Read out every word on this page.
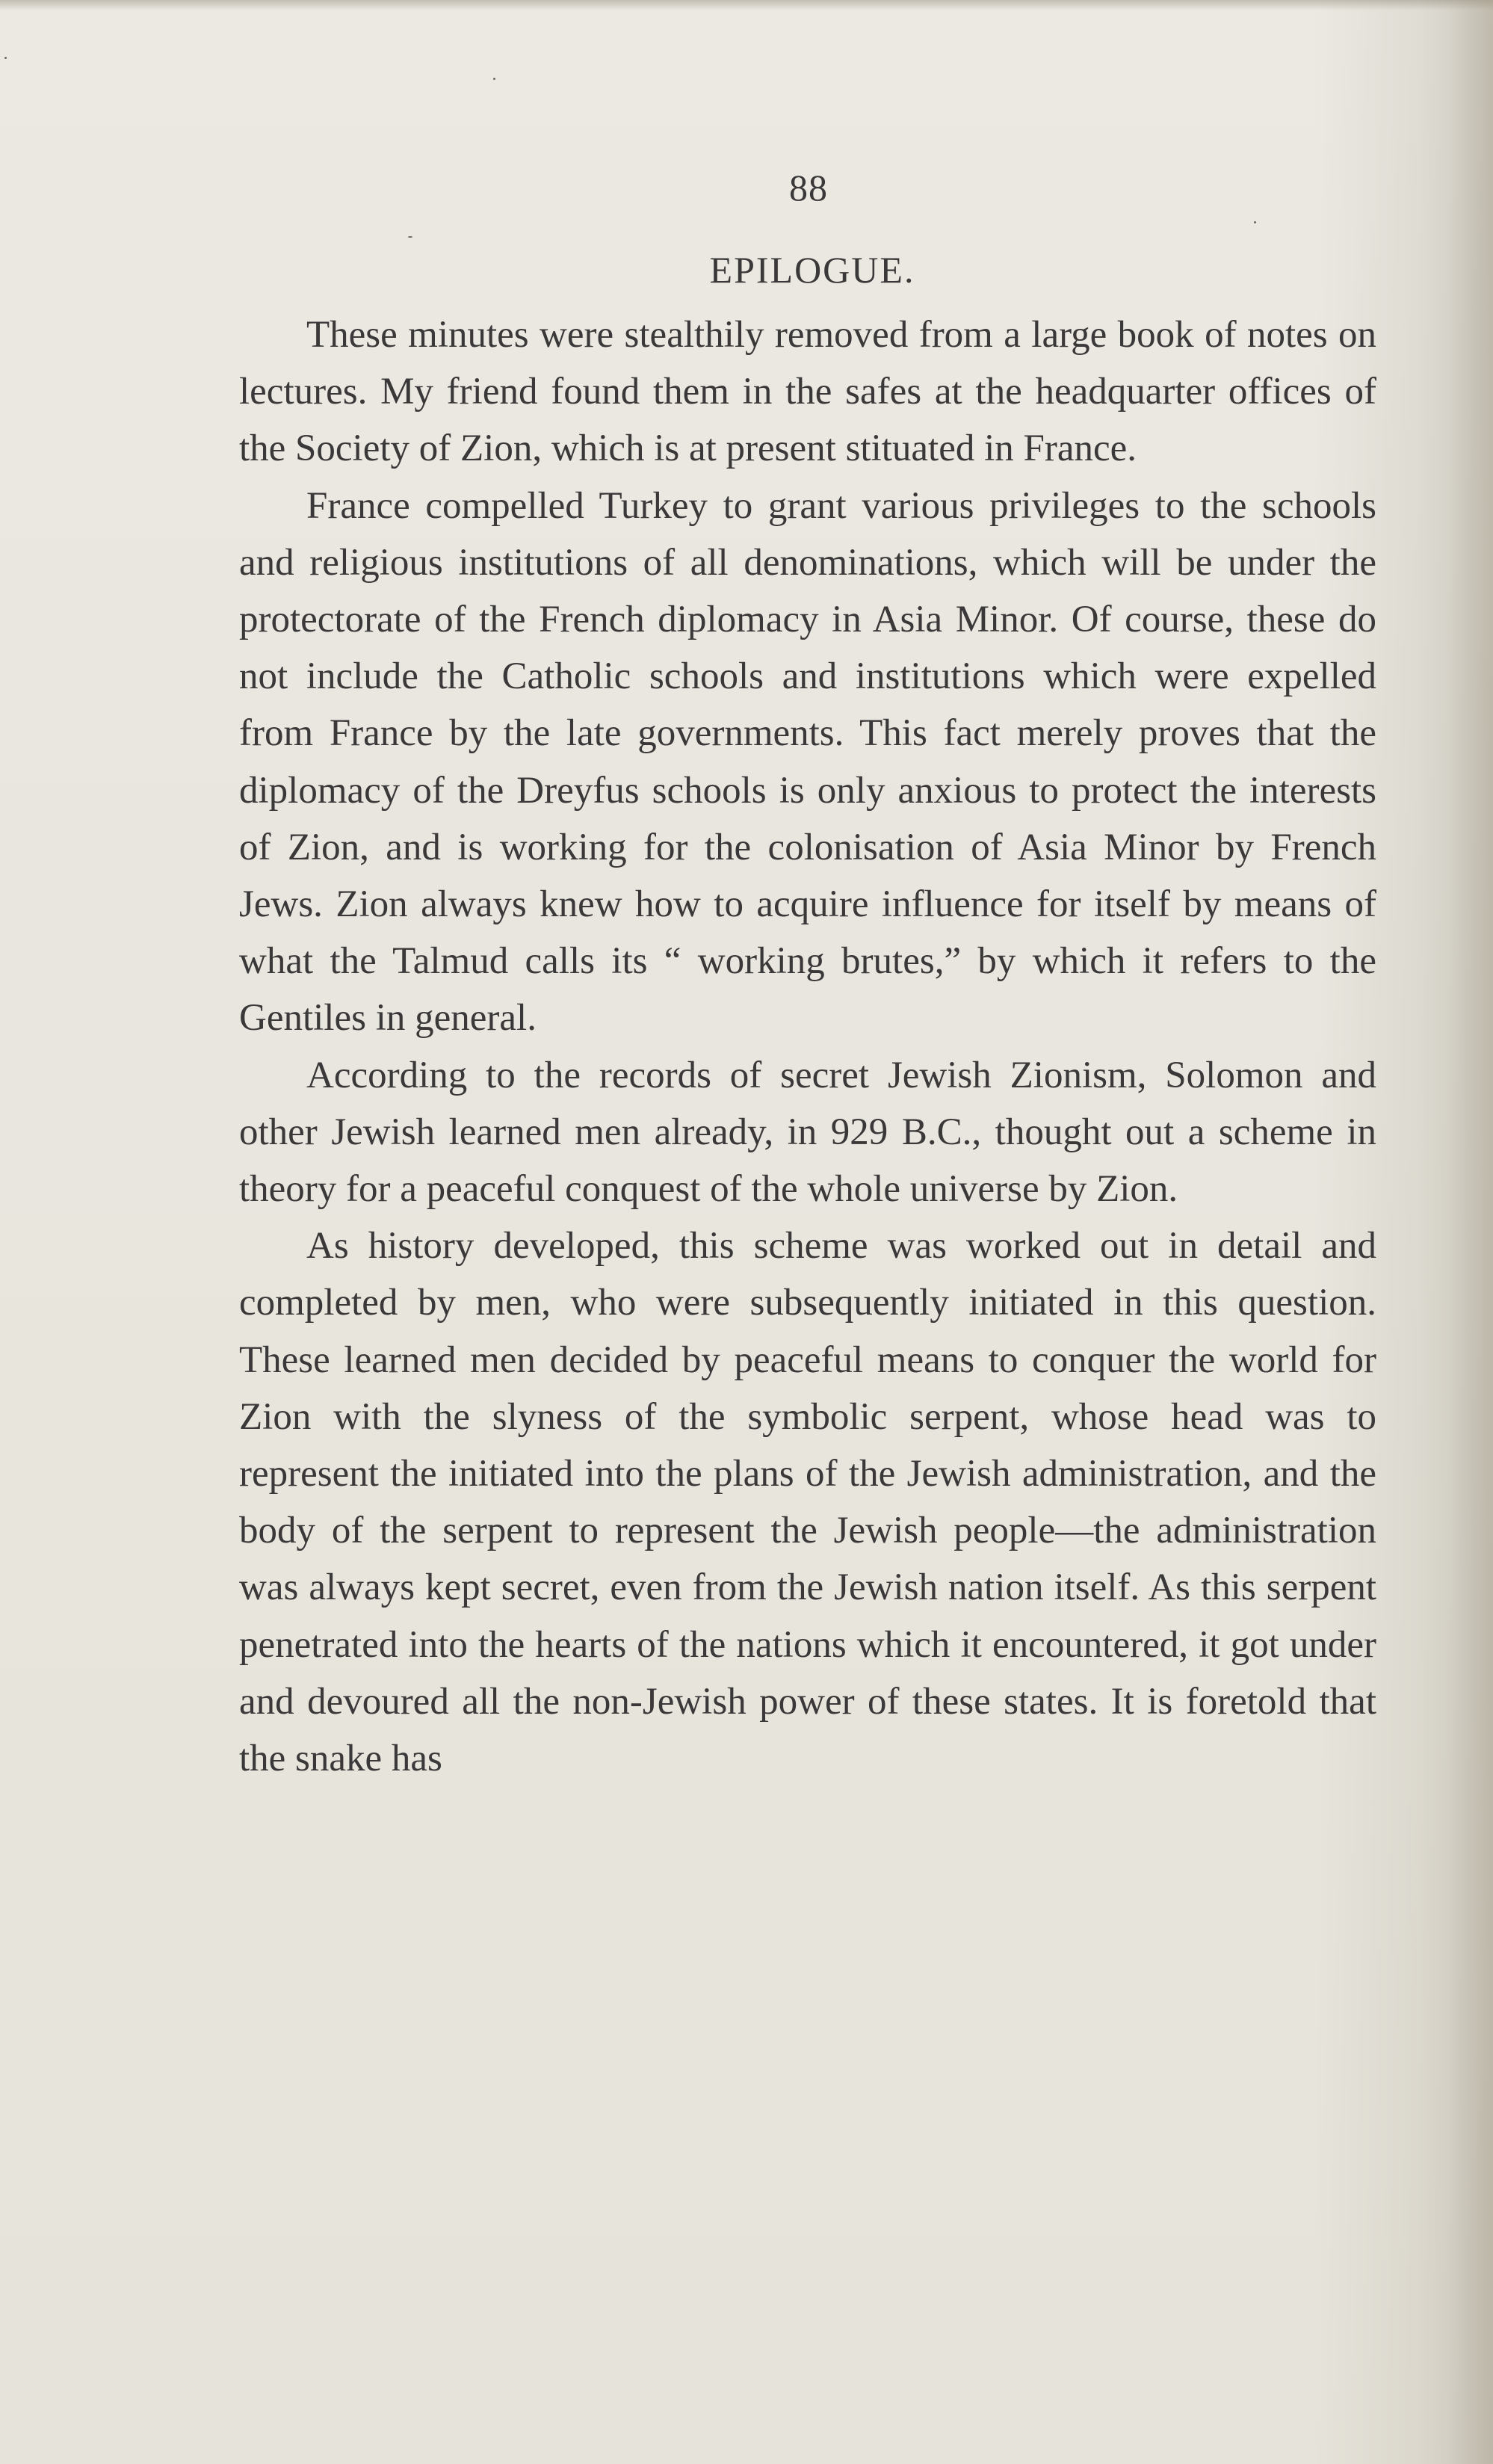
88
EPILOGUE.

These minutes were stealthily removed from a large book of notes on lectures. My friend found them in the safes at the headquarter offices of the Society of Zion, which is at present stituated in France.

France compelled Turkey to grant various privileges to the schools and religious institutions of all denominations, which will be under the protectorate of the French diplomacy in Asia Minor. Of course, these do not include the Catholic schools and institutions which were expelled from France by the late governments. This fact merely proves that the diplomacy of the Dreyfus schools is only anxious to protect the interests of Zion, and is working for the colonisation of Asia Minor by French Jews. Zion always knew how to acquire influence for itself by means of what the Talmud calls its “ working brutes,” by which it refers to the Gentiles in general.

According to the records of secret Jewish Zionism, Solomon and other Jewish learned men already, in 929 B.C., thought out a scheme in theory for a peaceful conquest of the whole universe by Zion.

As history developed, this scheme was worked out in detail and completed by men, who were subsequently initiated in this question. These learned men decided by peaceful means to conquer the world for Zion with the slyness of the symbolic serpent, whose head was to represent the initiated into the plans of the Jewish administration, and the body of the serpent to represent the Jewish people—the administration was always kept secret, even from the Jewish nation itself. As this serpent penetrated into the hearts of the nations which it encountered, it got under and devoured all the non-Jewish power of these states. It is foretold that the snake has
